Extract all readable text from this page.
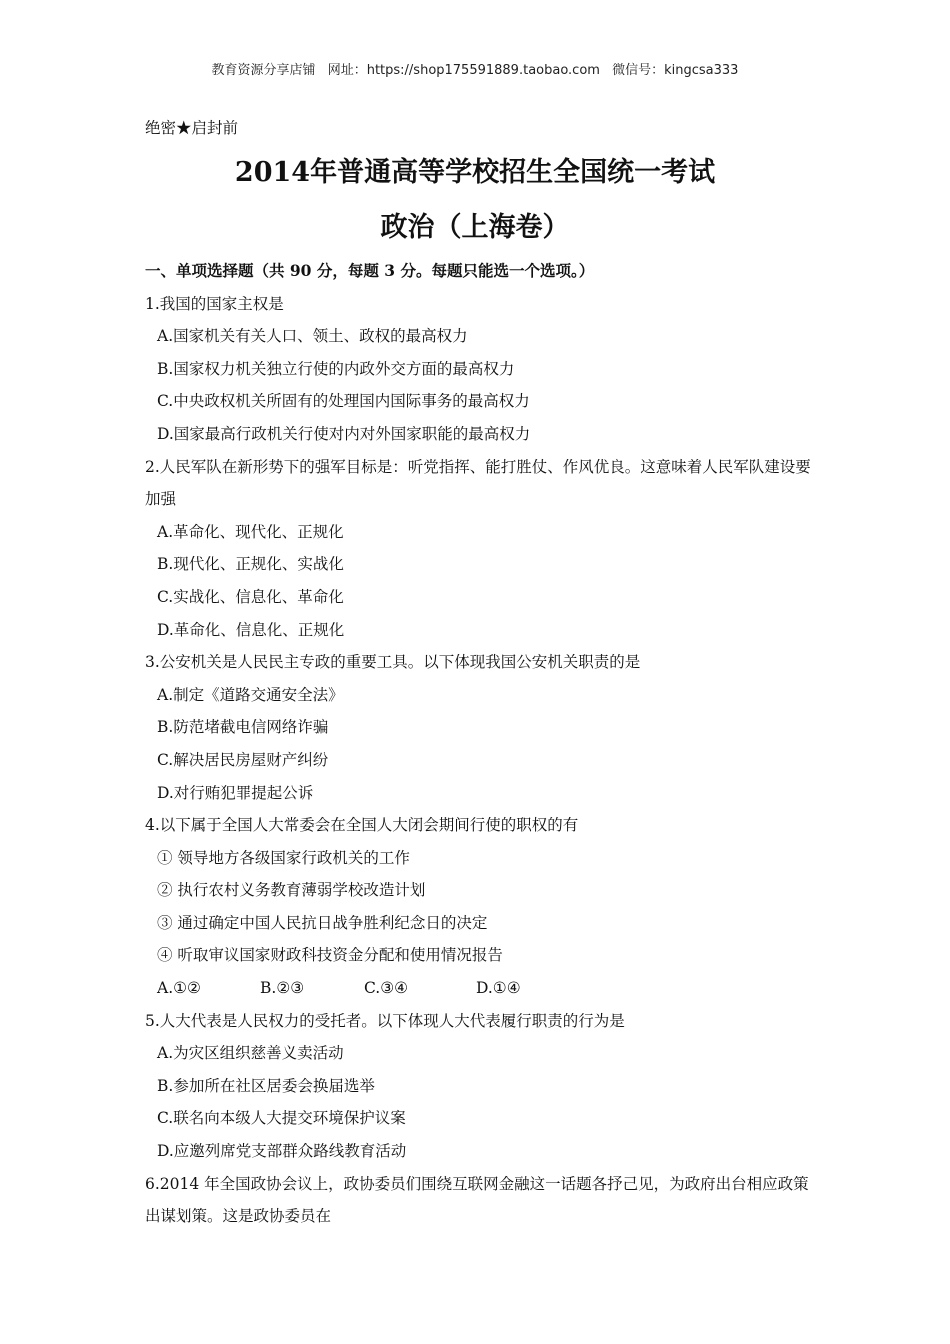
教育资源分享店铺 网址：https://shop175591889.taobao.com 微信号：kingcsa333
绝密★启封前
2014年普通高等学校招生全国统一考试
政治（上海卷）
一、单项选择题（共 90 分，每题 3 分。每题只能选一个选项。）
1.我国的国家主权是
A.国家机关有关人口、领土、政权的最高权力
B.国家权力机关独立行使的内政外交方面的最高权力
C.中央政权机关所固有的处理国内国际事务的最高权力
D.国家最高行政机关行使对内对外国家职能的最高权力
2.人民军队在新形势下的强军目标是：听党指挥、能打胜仗、作风优良。这意味着人民军队建设要加强
A.革命化、现代化、正规化
B.现代化、正规化、实战化
C.实战化、信息化、革命化
D.革命化、信息化、正规化
3.公安机关是人民民主专政的重要工具。以下体现我国公安机关职责的是
A.制定《道路交通安全法》
B.防范堵截电信网络诈骗
C.解决居民房屋财产纠纷
D.对行贿犯罪提起公诉
4.以下属于全国人大常委会在全国人大闭会期间行使的职权的有
① 领导地方各级国家行政机关的工作
② 执行农村义务教育薄弱学校改造计划
③ 通过确定中国人民抗日战争胜利纪念日的决定
④ 听取审议国家财政科技资金分配和使用情况报告
A.①②	B.②③	C.③④	D.①④
5.人大代表是人民权力的受托者。以下体现人大代表履行职责的行为是
A.为灾区组织慈善义卖活动
B.参加所在社区居委会换届选举
C.联名向本级人大提交环境保护议案
D.应邀列席党支部群众路线教育活动
6.2014 年全国政协会议上，政协委员们围绕互联网金融这一话题各抒己见，为政府出台相应政策出谋划策。这是政协委员在
